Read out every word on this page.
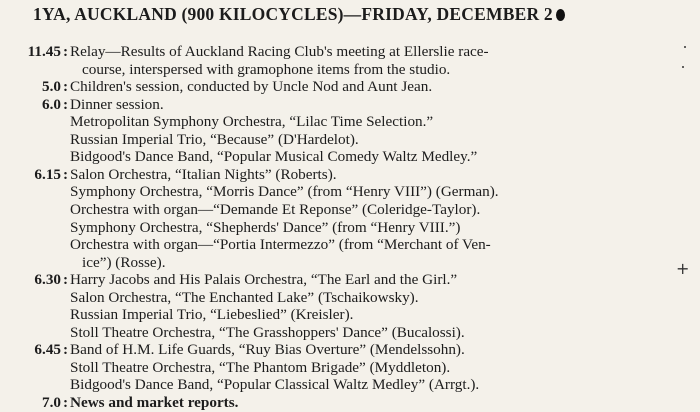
1YA, AUCKLAND (900 KILOCYCLES)—FRIDAY, DECEMBER 2
11.45 : Relay—Results of Auckland Racing Club's meeting at Ellerslie race-
course, interspersed with gramophone items from the studio.
5.0 : Children's session, conducted by Uncle Nod and Aunt Jean.
6.0 : Dinner session.
Metropolitan Symphony Orchestra, “Lilac Time Selection.”
Russian Imperial Trio, “Because” (D'Hardelot).
Bidgood's Dance Band, “Popular Musical Comedy Waltz Medley.”
6.15 : Salon Orchestra, “Italian Nights” (Roberts).
Symphony Orchestra, “Morris Dance” (from “Henry VIII”) (German).
Orchestra with organ—“Demande Et Reponse” (Coleridge-Taylor).
Symphony Orchestra, “Shepherds' Dance” (from “Henry VIII.”)
Orchestra with organ—“Portia Intermezzo” (from “Merchant of Ven-
ice”) (Rosse).
6.30 : Harry Jacobs and His Palais Orchestra, “The Earl and the Girl.”
Salon Orchestra, “The Enchanted Lake” (Tschaikowsky).
Russian Imperial Trio, “Liebeslied” (Kreisler).
Stoll Theatre Orchestra, “The Grasshoppers' Dance” (Bucalossi).
6.45 : Band of H.M. Life Guards, “Ruy Bias Overture” (Mendelssohn).
Stoll Theatre Orchestra, “The Phantom Brigade” (Myddleton).
Bidgood's Dance Band, “Popular Classical Waltz Medley” (Arrgt.).
7.0 : News and market reports.
+
